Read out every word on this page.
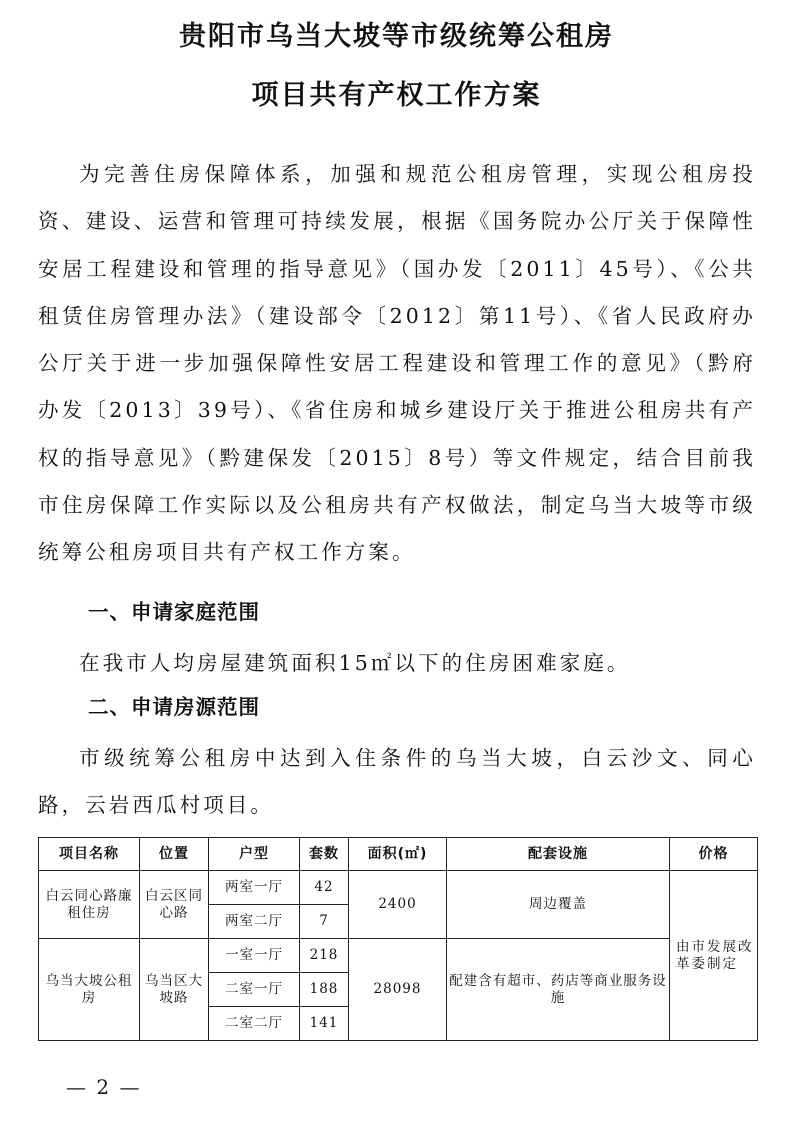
贵阳市乌当大坡等市级统筹公租房
项目共有产权工作方案
为完善住房保障体系，加强和规范公租房管理，实现公租房投资、建设、运营和管理可持续发展，根据《国务院办公厅关于保障性安居工程建设和管理的指导意见》（国办发〔2011〕45号）、《公共租赁住房管理办法》（建设部令〔2012〕第11号）、《省人民政府办公厅关于进一步加强保障性安居工程建设和管理工作的意见》（黔府办发〔2013〕39号）、《省住房和城乡建设厅关于推进公租房共有产权的指导意见》（黔建保发〔2015〕8号）等文件规定，结合目前我市住房保障工作实际以及公租房共有产权做法，制定乌当大坡等市级统筹公租房项目共有产权工作方案。
一、申请家庭范围
在我市人均房屋建筑面积15㎡以下的住房困难家庭。
二、申请房源范围
市级统筹公租房中达到入住条件的乌当大坡，白云沙文、同心路，云岩西瓜村项目。
项目名称	位置	户型	套数	面积(㎡)	配套设施	价格
白云同心路廉租住房	白云区同心路	两室一厅	42	2400	周边覆盖	由市发展改革委制定
		两室二厅	7			
乌当大坡公租房	乌当区大坡路	一室一厅	218	28098	配建含有超市、药店等商业服务设施	
		二室一厅	188			
		二室二厅	141			
— 2 —
